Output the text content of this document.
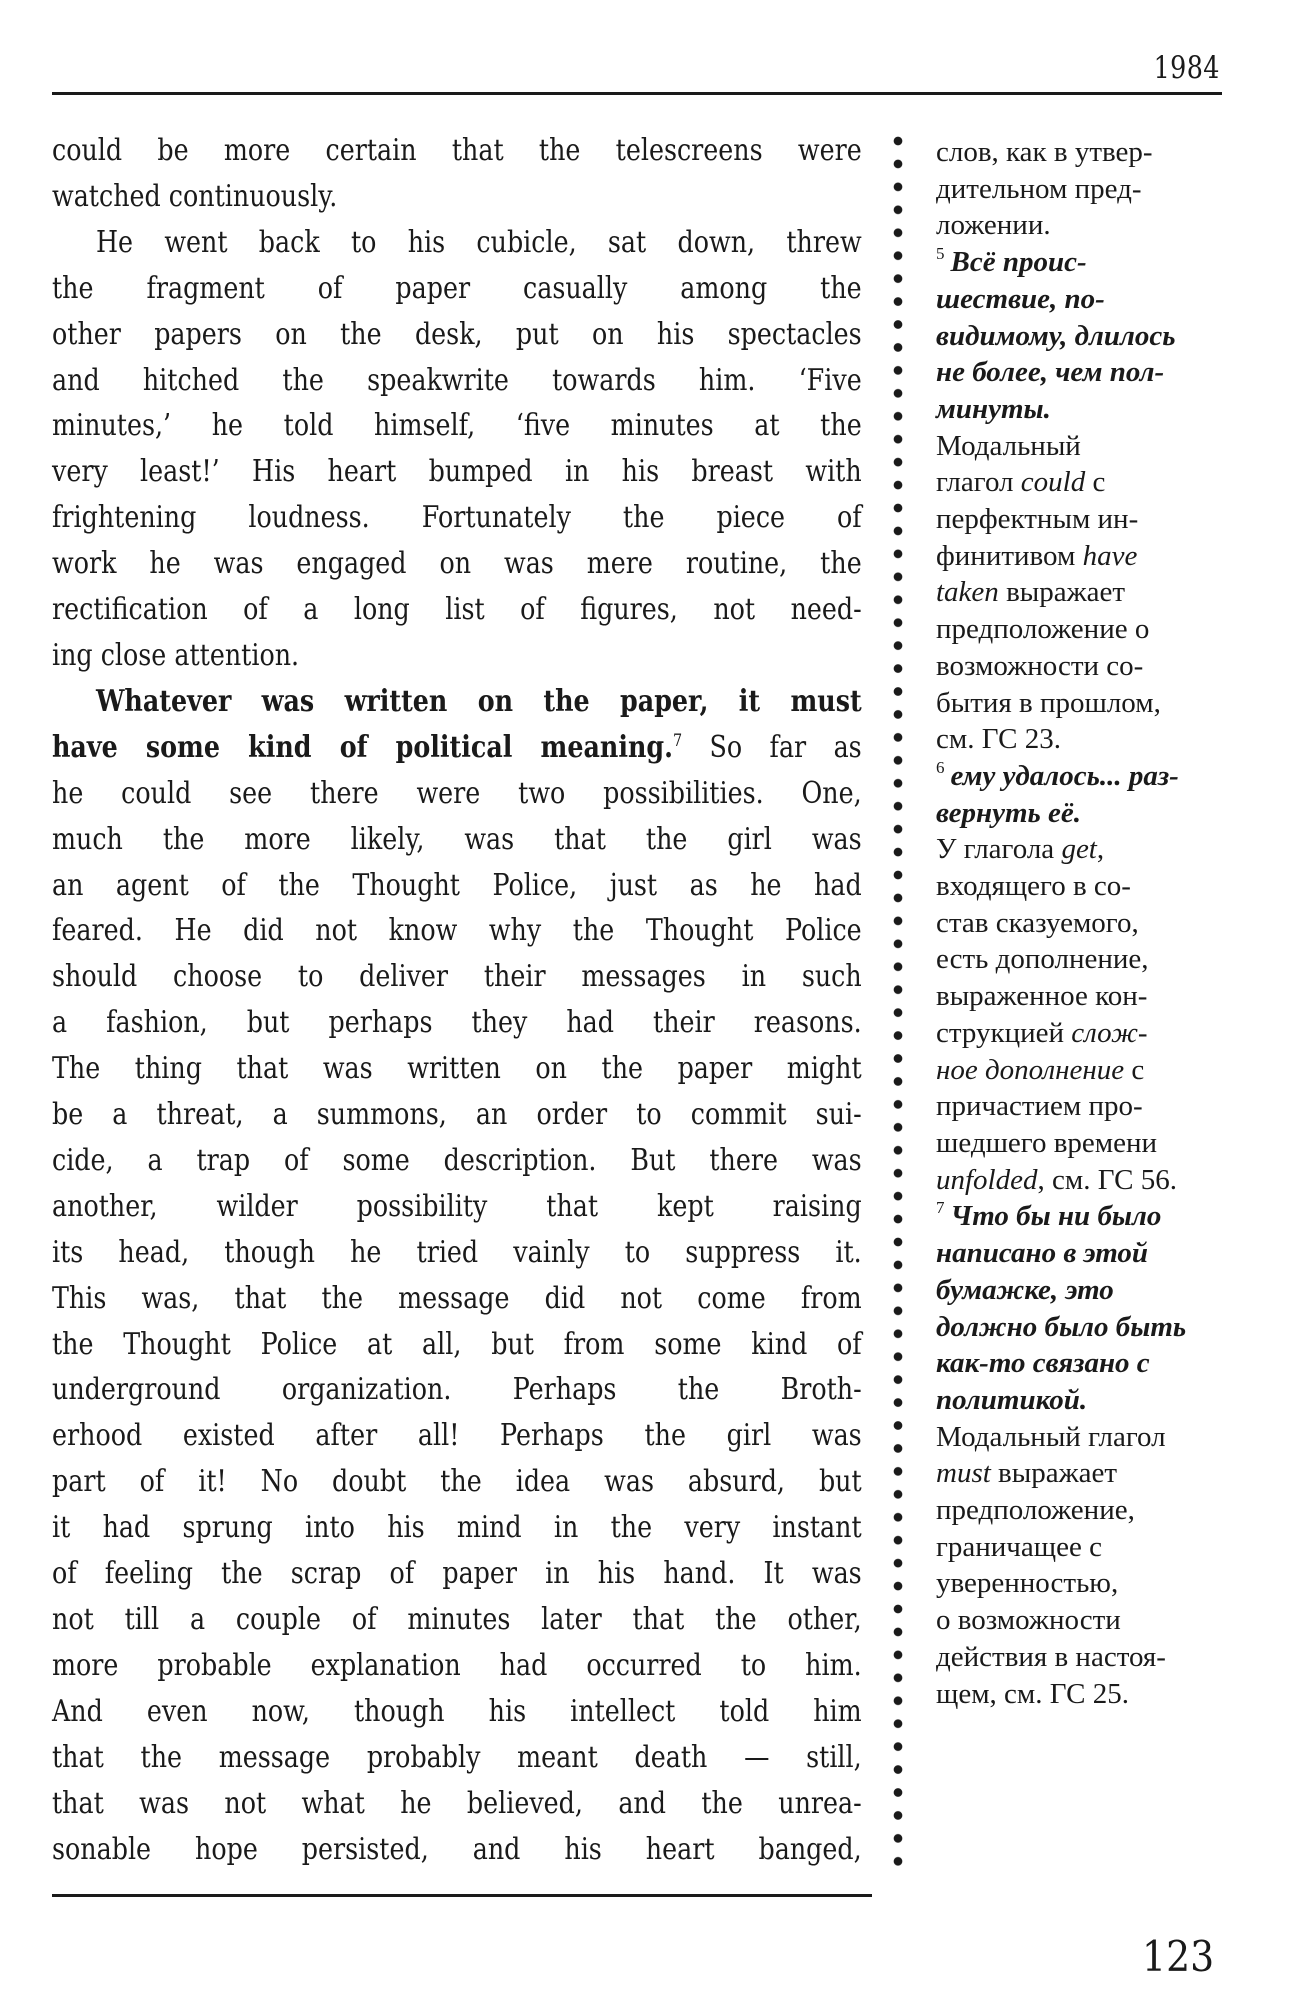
1984
could be more certain that the telescreens were
watched continuously.
He went back to his cubicle, sat down, threw
the fragment of paper casually among the
other papers on the desk, put on his spectacles
and hitched the speakwrite towards him. ‘Five
minutes,’ he told himself, ‘five minutes at the
very least!’ His heart bumped in his breast with
frightening loudness. Fortunately the piece of
work he was engaged on was mere routine, the
rectification of a long list of figures, not need-
ing close attention.
Whatever was written on the paper, it must
have some kind of political meaning.$^7$ So far as
he could see there were two possibilities. One,
much the more likely, was that the girl was
an agent of the Thought Police, just as he had
feared. He did not know why the Thought Police
should choose to deliver their messages in such
a fashion, but perhaps they had their reasons.
The thing that was written on the paper might
be a threat, a summons, an order to commit sui-
cide, a trap of some description. But there was
another, wilder possibility that kept raising
its head, though he tried vainly to suppress it.
This was, that the message did not come from
the Thought Police at all, but from some kind of
underground organization. Perhaps the Broth-
erhood existed after all! Perhaps the girl was
part of it! No doubt the idea was absurd, but
it had sprung into his mind in the very instant
of feeling the scrap of paper in his hand. It was
not till a couple of minutes later that the other,
more probable explanation had occurred to him.
And even now, though his intellect told him
that the message probably meant death — still,
that was not what he believed, and the unrea-
sonable hope persisted, and his heart banged,
слов, как в утвер-
дительном пред-
ложении.
$^5$ Всё проис-
шествие, по-
видимому, длилось
не более, чем пол-
минуты.
Модальный
глагол could с
перфектным ин-
финитивом have
taken выражает
предположение о
возможности со-
бытия в прошлом,
см. ГС 23.
$^6$ ему удалось... раз-
вернуть её.
У глагола get,
входящего в со-
став сказуемого,
есть дополнение,
выраженное кон-
струкцией слож-
ное дополнение с
причастием про-
шедшего времени
unfolded, см. ГС 56.
$^7$ Что бы ни было
написано в этой
бумажке, это
должно было быть
как-то связано с
политикой.
Модальный глагол
must выражает
предположение,
граничащее с
уверенностью,
о возможности
действия в настоя-
щем, см. ГС 25.
123
